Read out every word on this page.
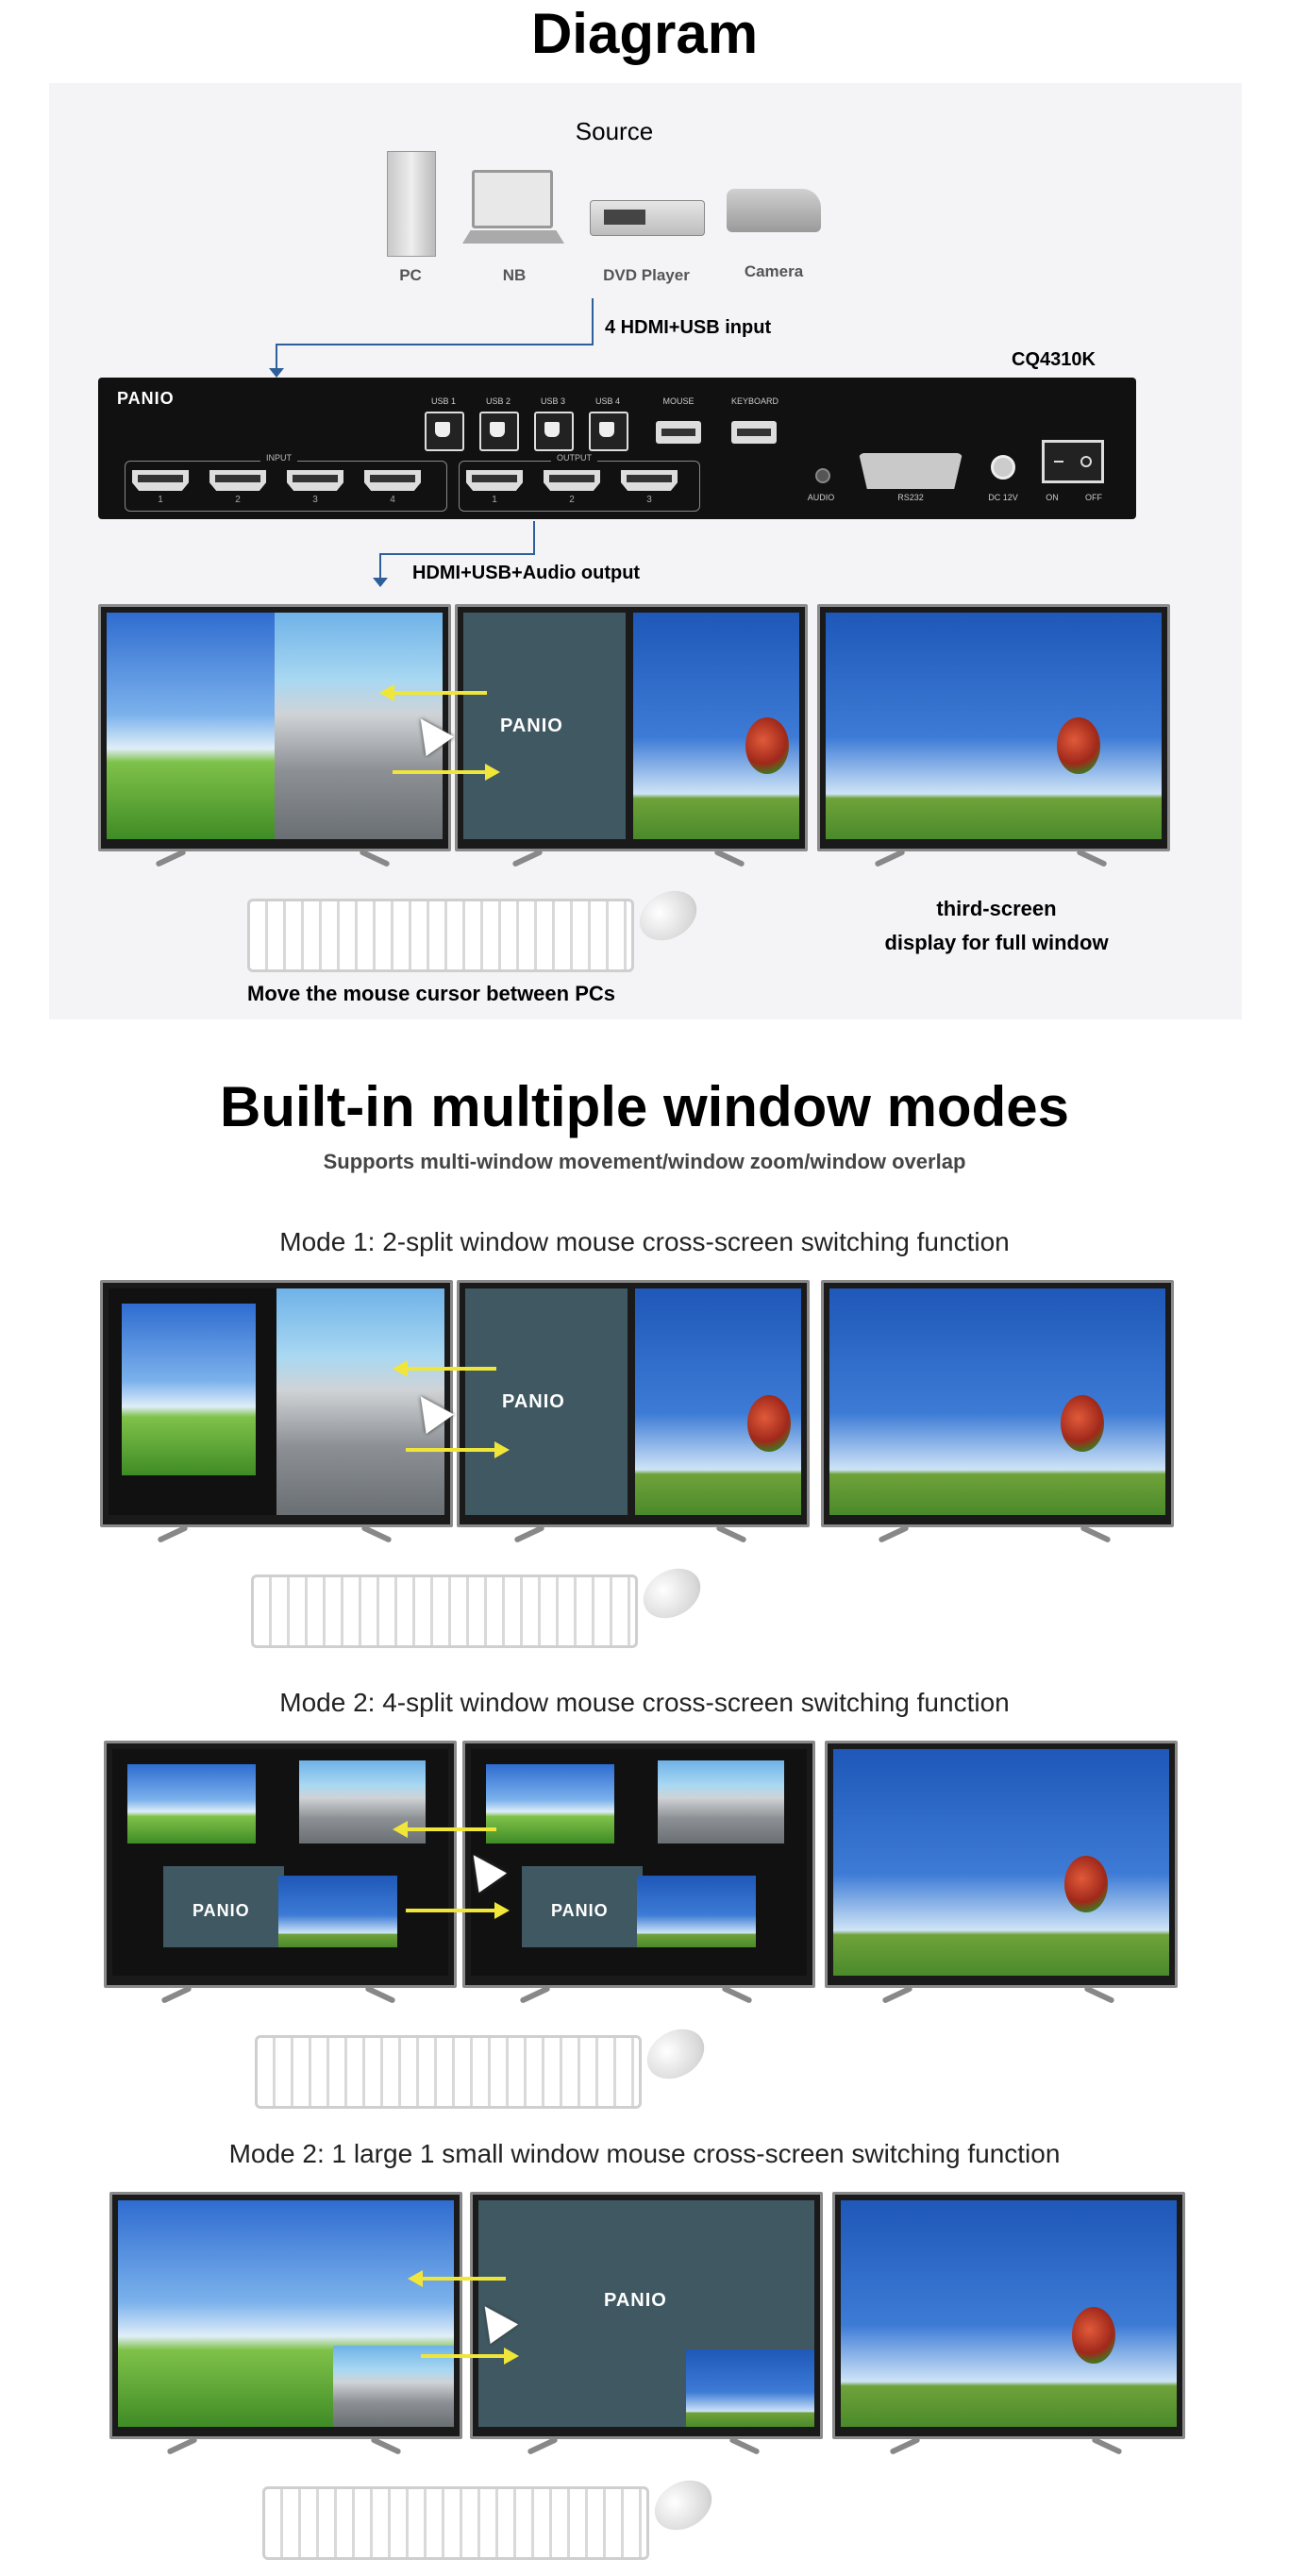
Diagram
Source
PC	NB	DVD Player	Camera
4 HDMI+USB input
CQ4310K
PANIO	USB 1	USB 2	USB 3	USB 4	MOUSE	KEYBOARD
INPUT
1	2	3	4
OUTPUT
1	2	3	AUDIO	RS232	DC 12V	ON	OFF
HDMI+USB+Audio output
PANIO
Move the mouse cursor between PCs
third-screen
display for full window
Built-in multiple window modes
Supports multi-window movement/window zoom/window overlap
Mode 1: 2-split window mouse cross-screen switching function
PANIO
Mode 2: 4-split window mouse cross-screen switching function
PANIO	PANIO
Mode 2: 1 large 1 small window mouse cross-screen switching function
PANIO
